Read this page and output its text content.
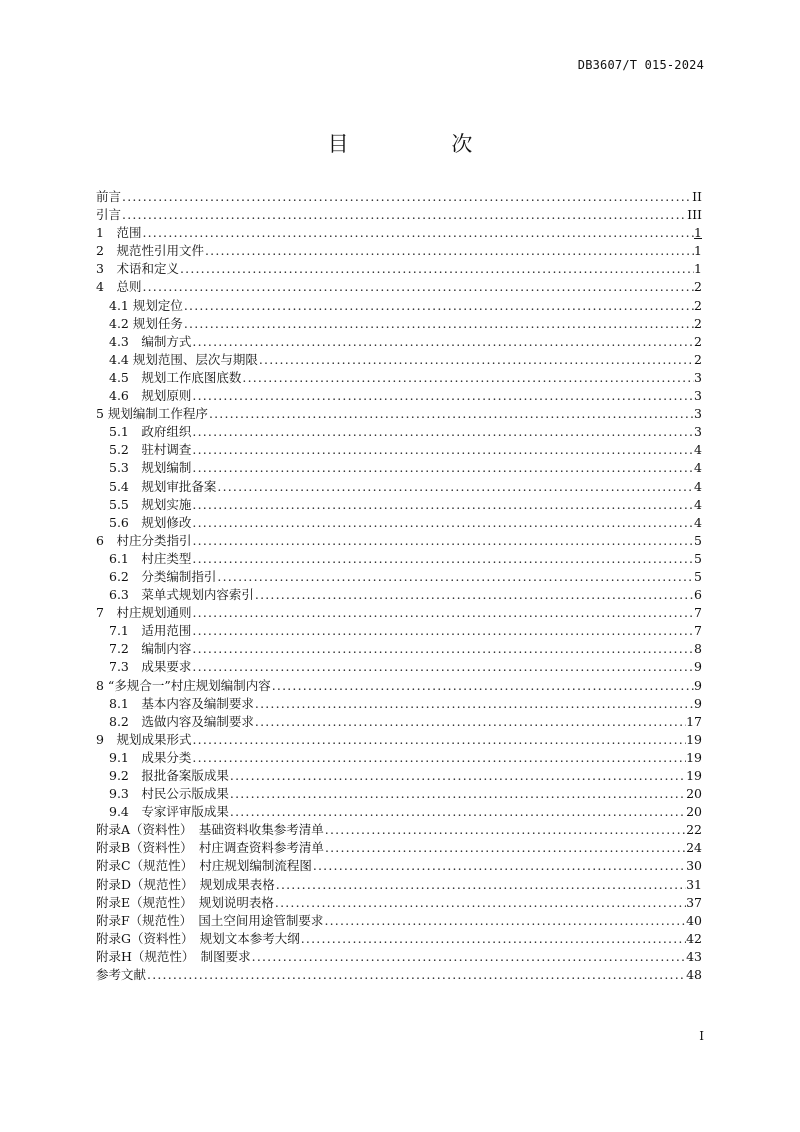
DB3607/T 015-2024
目 次
前言 .....	II
引言 .....	III
1　范围 .....	1
2　规范性引用文件 .....	1
3　术语和定义 .....	1
4　总则 .....	2
4.1 规划定位 .....	2
4.2 规划任务 .....	2
4.3　编制方式 .....	2
4.4 规划范围、层次与期限 .....	2
4.5　规划工作底图底数 .....	3
4.6　规划原则 .....	3
5 规划编制工作程序 .....	3
5.1　政府组织 .....	3
5.2　驻村调查 .....	4
5.3　规划编制 .....	4
5.4　规划审批备案 .....	4
5.5　规划实施 .....	4
5.6　规划修改 .....	4
6　村庄分类指引 .....	5
6.1　村庄类型 .....	5
6.2　分类编制指引 .....	5
6.3　菜单式规划内容索引 .....	6
7　村庄规划通则 .....	7
7.1　适用范围 .....	7
7.2　编制内容 .....	8
7.3　成果要求 .....	9
8 “多规合一”村庄规划编制内容 .....	9
8.1　基本内容及编制要求 .....	9
8.2　选做内容及编制要求 .....	17
9　规划成果形式 .....	19
9.1　成果分类 .....	19
9.2　报批备案版成果 .....	19
9.3　村民公示版成果 .....	20
9.4　专家评审版成果 .....	20
附录A（资料性）　基础资料收集参考清单 .....	22
附录B（资料性）　村庄调查资料参考清单 .....	24
附录C（规范性）　村庄规划编制流程图 .....	30
附录D（规范性）　规划成果表格 .....	31
附录E（规范性）　规划说明表格 .....	37
附录F（规范性）　国土空间用途管制要求 .....	40
附录G（资料性）　规划文本参考大纲 .....	42
附录H（规范性）　制图要求 .....	43
参考文献 .....	48
I
